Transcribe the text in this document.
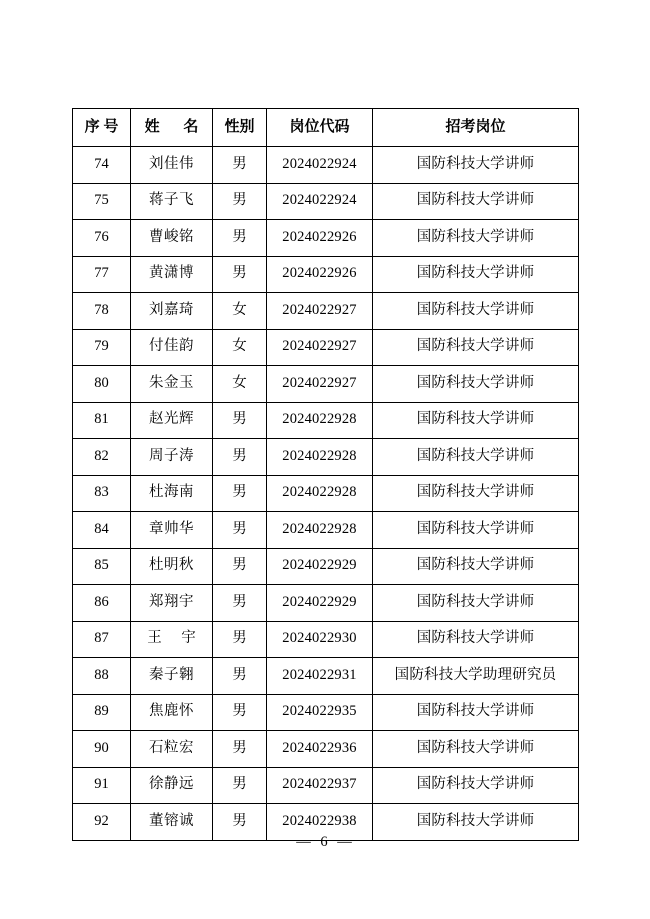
序 号	姓 名	性别	岗位代码	招考岗位
74	刘佳伟	男	2024022924	国防科技大学讲师
75	蒋子飞	男	2024022924	国防科技大学讲师
76	曹峻铭	男	2024022926	国防科技大学讲师
77	黄潇博	男	2024022926	国防科技大学讲师
78	刘嘉琦	女	2024022927	国防科技大学讲师
79	付佳韵	女	2024022927	国防科技大学讲师
80	朱金玉	女	2024022927	国防科技大学讲师
81	赵光辉	男	2024022928	国防科技大学讲师
82	周子涛	男	2024022928	国防科技大学讲师
83	杜海南	男	2024022928	国防科技大学讲师
84	章帅华	男	2024022928	国防科技大学讲师
85	杜明秋	男	2024022929	国防科技大学讲师
86	郑翔宇	男	2024022929	国防科技大学讲师
87	王 宇	男	2024022930	国防科技大学讲师
88	秦子翱	男	2024022931	国防科技大学助理研究员
89	焦鹿怀	男	2024022935	国防科技大学讲师
90	石粒宏	男	2024022936	国防科技大学讲师
91	徐静远	男	2024022937	国防科技大学讲师
92	董镕诚	男	2024022938	国防科技大学讲师
— 6 —
